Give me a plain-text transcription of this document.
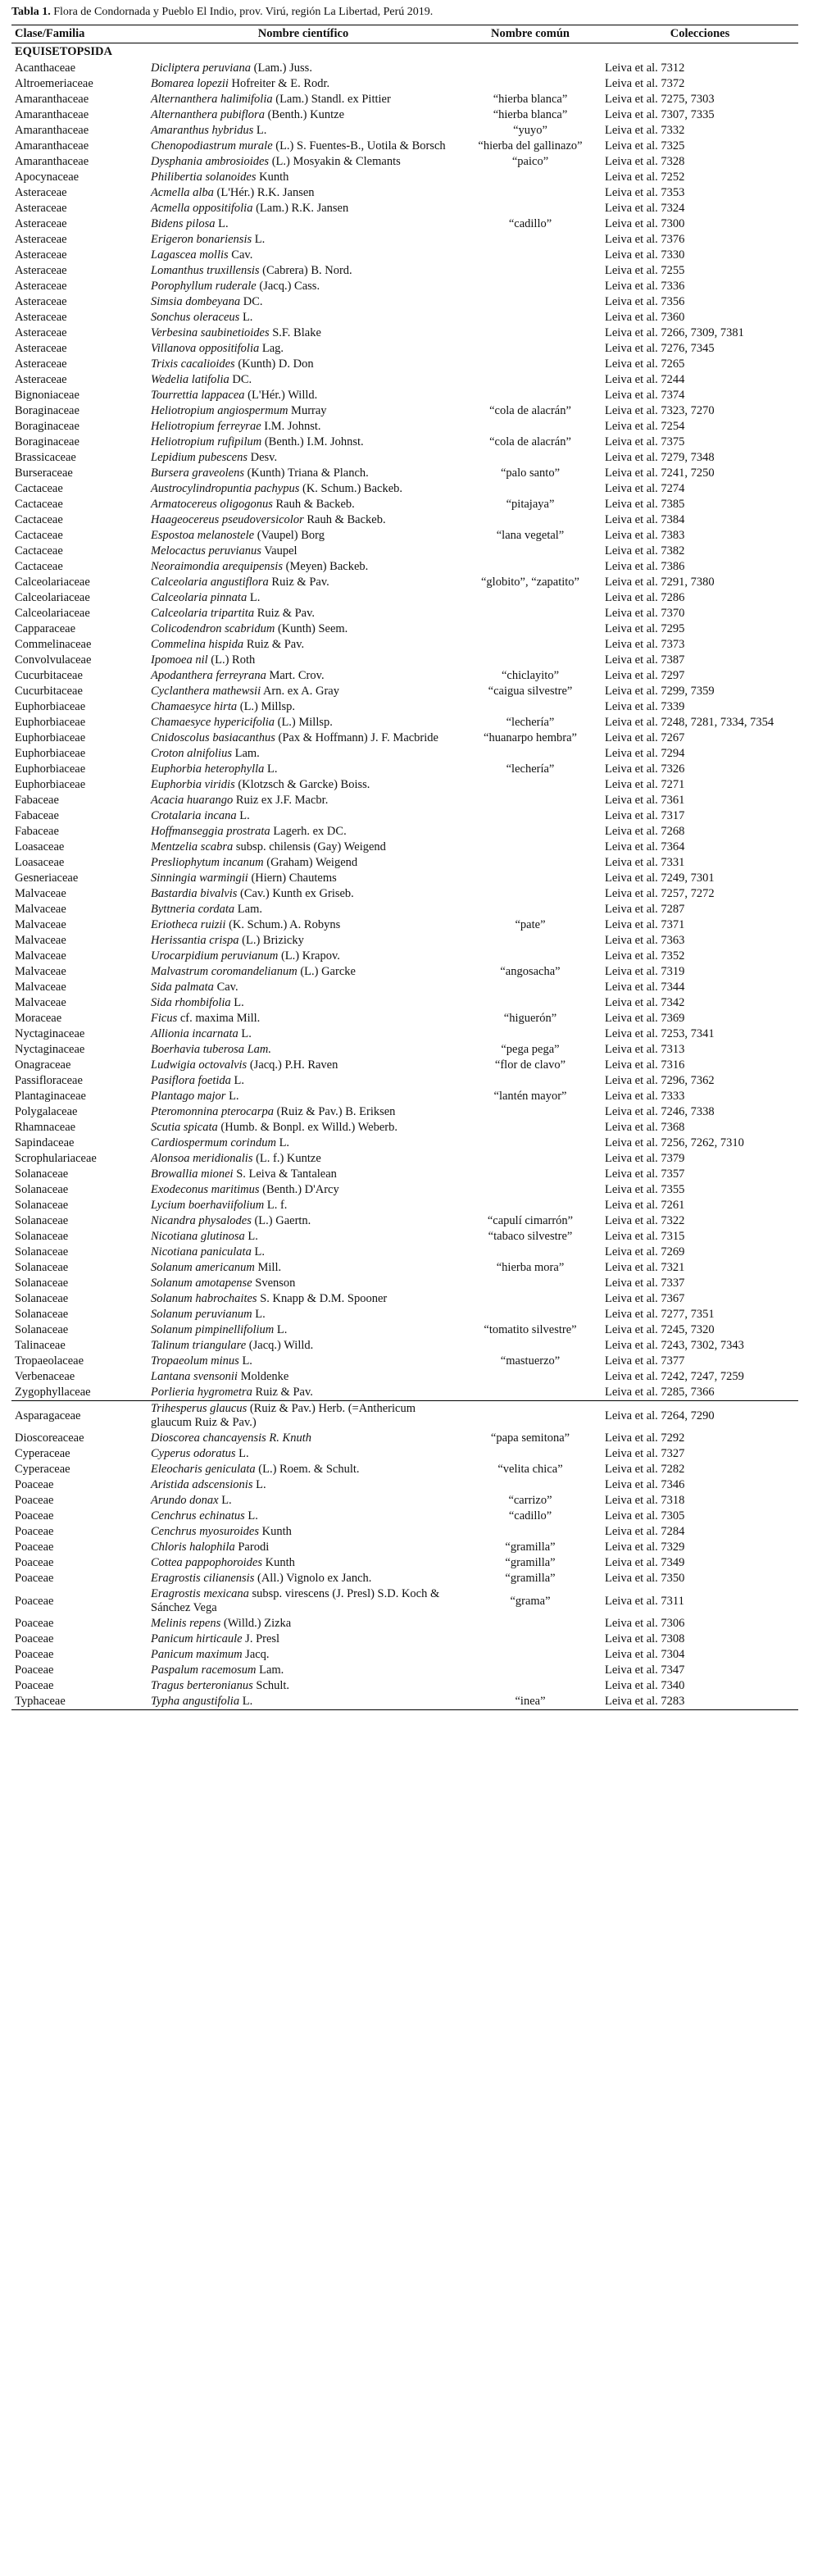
Tabla 1. Flora de Condornada y Pueblo El Indio, prov. Virú, región La Libertad, Perú 2019.

Clase/Familia	Nombre científico	Nombre común	Colecciones
EQUISETOPSIDA			
Acanthaceae	Dicliptera peruviana (Lam.) Juss.		Leiva et al. 7312
Altroemeriaceae	Bomarea lopezii Hofreiter & E. Rodr.		Leiva et al. 7372
Amaranthaceae	Alternanthera halimifolia (Lam.) Standl. ex Pittier	“hierba blanca”	Leiva et al. 7275, 7303
Amaranthaceae	Alternanthera pubiflora (Benth.) Kuntze	“hierba blanca”	Leiva et al. 7307, 7335
Amaranthaceae	Amaranthus hybridus L.	“yuyo”	Leiva et al. 7332
Amaranthaceae	Chenopodiastrum murale (L.) S. Fuentes-B., Uotila & Borsch	“hierba del gallinazo”	Leiva et al. 7325
Amaranthaceae	Dysphania ambrosioides (L.) Mosyakin & Clemants	“paico”	Leiva et al. 7328
Apocynaceae	Philibertia solanoides Kunth		Leiva et al. 7252
Asteraceae	Acmella alba (L'Hér.) R.K. Jansen		Leiva et al. 7353
Asteraceae	Acmella oppositifolia (Lam.) R.K. Jansen		Leiva et al. 7324
Asteraceae	Bidens pilosa L.	“cadillo”	Leiva et al. 7300
Asteraceae	Erigeron bonariensis L.		Leiva et al. 7376
Asteraceae	Lagascea mollis Cav.		Leiva et al. 7330
Asteraceae	Lomanthus truxillensis (Cabrera) B. Nord.		Leiva et al. 7255
Asteraceae	Porophyllum ruderale (Jacq.) Cass.		Leiva et al. 7336
Asteraceae	Simsia dombeyana DC.		Leiva et al. 7356
Asteraceae	Sonchus oleraceus L.		Leiva et al. 7360
Asteraceae	Verbesina saubinetioides S.F. Blake		Leiva et al. 7266, 7309, 7381
Asteraceae	Villanova oppositifolia Lag.		Leiva et al. 7276, 7345
Asteraceae	Trixis cacalioides (Kunth) D. Don		Leiva et al. 7265
Asteraceae	Wedelia latifolia DC.		Leiva et al. 7244
Bignoniaceae	Tourrettia lappacea (L'Hér.) Willd.		Leiva et al. 7374
Boraginaceae	Heliotropium angiospermum Murray	“cola de alacrán”	Leiva et al. 7323, 7270
Boraginaceae	Heliotropium ferreyrae I.M. Johnst.		Leiva et al. 7254
Boraginaceae	Heliotropium rufipilum (Benth.) I.M. Johnst.	“cola de alacrán”	Leiva et al. 7375
Brassicaceae	Lepidium pubescens Desv.		Leiva et al. 7279, 7348
Burseraceae	Bursera graveolens (Kunth) Triana & Planch.	“palo santo”	Leiva et al. 7241, 7250
Cactaceae	Austrocylindropuntia pachypus (K. Schum.) Backeb.		Leiva et al. 7274
Cactaceae	Armatocereus oligogonus Rauh & Backeb.	“pitajaya”	Leiva et al. 7385
Cactaceae	Haageocereus pseudoversicolor Rauh & Backeb.		Leiva et al. 7384
Cactaceae	Espostoa melanostele (Vaupel) Borg	“lana vegetal”	Leiva et al. 7383
Cactaceae	Melocactus peruvianus Vaupel		Leiva et al. 7382
Cactaceae	Neoraimondia arequipensis (Meyen) Backeb.		Leiva et al. 7386
Calceolariaceae	Calceolaria angustiflora Ruiz & Pav.	“globito”, “zapatito”	Leiva et al. 7291, 7380
Calceolariaceae	Calceolaria pinnata L.		Leiva et al. 7286
Calceolariaceae	Calceolaria tripartita Ruiz & Pav.		Leiva et al. 7370
Capparaceae	Colicodendron scabridum (Kunth) Seem.		Leiva et al. 7295
Commelinaceae	Commelina hispida Ruiz & Pav.		Leiva et al. 7373
Convolvulaceae	Ipomoea nil (L.) Roth		Leiva et al. 7387
Cucurbitaceae	Apodanthera ferreyrana Mart. Crov.	“chiclayito”	Leiva et al. 7297
Cucurbitaceae	Cyclanthera mathewsii Arn. ex A. Gray	“caigua silvestre”	Leiva et al. 7299, 7359
Euphorbiaceae	Chamaesyce hirta (L.) Millsp.		Leiva et al. 7339
Euphorbiaceae	Chamaesyce hypericifolia (L.) Millsp.	“lechería”	Leiva et al. 7248, 7281, 7334, 7354
Euphorbiaceae	Cnidoscolus basiacanthus (Pax & Hoffmann) J. F. Macbride	“huanarpo hembra”	Leiva et al. 7267
Euphorbiaceae	Croton alnifolius Lam.		Leiva et al. 7294
Euphorbiaceae	Euphorbia heterophylla L.	“lechería”	Leiva et al. 7326
Euphorbiaceae	Euphorbia viridis (Klotzsch & Garcke) Boiss.		Leiva et al. 7271
Fabaceae	Acacia huarango Ruiz ex J.F. Macbr.		Leiva et al. 7361
Fabaceae	Crotalaria incana L.		Leiva et al. 7317
Fabaceae	Hoffmanseggia prostrata Lagerh. ex DC.		Leiva et al. 7268
Loasaceae	Mentzelia scabra subsp. chilensis (Gay) Weigend		Leiva et al. 7364
Loasaceae	Presliophytum incanum (Graham) Weigend		Leiva et al. 7331
Gesneriaceae	Sinningia warmingii (Hiern) Chautems		Leiva et al. 7249, 7301
Malvaceae	Bastardia bivalvis (Cav.) Kunth ex Griseb.		Leiva et al. 7257, 7272
Malvaceae	Byttneria cordata Lam.		Leiva et al. 7287
Malvaceae	Eriotheca ruizii (K. Schum.) A. Robyns	“pate”	Leiva et al. 7371
Malvaceae	Herissantia crispa (L.) Brizicky		Leiva et al. 7363
Malvaceae	Urocarpidium peruvianum (L.) Krapov.		Leiva et al. 7352
Malvaceae	Malvastrum coromandelianum (L.) Garcke	“angosacha”	Leiva et al. 7319
Malvaceae	Sida palmata Cav.		Leiva et al. 7344
Malvaceae	Sida rhombifolia L.		Leiva et al. 7342
Moraceae	Ficus cf. maxima Mill.	“higuerón”	Leiva et al. 7369
Nyctaginaceae	Allionia incarnata L.		Leiva et al. 7253, 7341
Nyctaginaceae	Boerhavia tuberosa Lam.	“pega pega”	Leiva et al. 7313
Onagraceae	Ludwigia octovalvis (Jacq.) P.H. Raven	“flor de clavo”	Leiva et al. 7316
Passifloraceae	Pasiflora foetida L.		Leiva et al. 7296, 7362
Plantaginaceae	Plantago major L.	“lantén mayor”	Leiva et al. 7333
Polygalaceae	Pteromonnina pterocarpa (Ruiz & Pav.) B. Eriksen		Leiva et al. 7246, 7338
Rhamnaceae	Scutia spicata (Humb. & Bonpl. ex Willd.) Weberb.		Leiva et al. 7368
Sapindaceae	Cardiospermum corindum L.		Leiva et al. 7256, 7262, 7310
Scrophulariaceae	Alonsoa meridionalis (L. f.) Kuntze		Leiva et al. 7379
Solanaceae	Browallia mionei S. Leiva & Tantalean		Leiva et al. 7357
Solanaceae	Exodeconus maritimus (Benth.) D'Arcy		Leiva et al. 7355
Solanaceae	Lycium boerhaviifolium L. f.		Leiva et al. 7261
Solanaceae	Nicandra physalodes (L.) Gaertn.	“capulí cimarrón”	Leiva et al. 7322
Solanaceae	Nicotiana glutinosa L.	“tabaco silvestre”	Leiva et al. 7315
Solanaceae	Nicotiana paniculata L.		Leiva et al. 7269
Solanaceae	Solanum americanum Mill.	“hierba mora”	Leiva et al. 7321
Solanaceae	Solanum amotapense Svenson		Leiva et al. 7337
Solanaceae	Solanum habrochaites S. Knapp & D.M. Spooner		Leiva et al. 7367
Solanaceae	Solanum peruvianum L.		Leiva et al. 7277, 7351
Solanaceae	Solanum pimpinellifolium L.	“tomatito silvestre”	Leiva et al. 7245, 7320
Talinaceae	Talinum triangulare (Jacq.) Willd.		Leiva et al. 7243, 7302, 7343
Tropaeolaceae	Tropaeolum minus L.	“mastuerzo”	Leiva et al. 7377
Verbenaceae	Lantana svensonii Moldenke		Leiva et al. 7242, 7247, 7259
Zygophyllaceae	Porlieria hygrometra Ruiz & Pav.		Leiva et al. 7285, 7366
Asparagaceae	Trihesperus glaucus (Ruiz & Pav.) Herb. (=Anthericum glaucum Ruiz & Pav.)		Leiva et al. 7264, 7290
Dioscoreaceae	Dioscorea chancayensis R. Knuth	“papa semitona”	Leiva et al. 7292
Cyperaceae	Cyperus odoratus L.		Leiva et al. 7327
Cyperaceae	Eleocharis geniculata (L.) Roem. & Schult.	“velita chica”	Leiva et al. 7282
Poaceae	Aristida adscensionis L.		Leiva et al. 7346
Poaceae	Arundo donax L.	“carrizo”	Leiva et al. 7318
Poaceae	Cenchrus echinatus L.	“cadillo”	Leiva et al. 7305
Poaceae	Cenchrus myosuroides Kunth		Leiva et al. 7284
Poaceae	Chloris halophila Parodi	“gramilla”	Leiva et al. 7329
Poaceae	Cottea pappophoroides Kunth	“gramilla”	Leiva et al. 7349
Poaceae	Eragrostis cilianensis (All.) Vignolo ex Janch.	“gramilla”	Leiva et al. 7350
Poaceae	Eragrostis mexicana subsp. virescens (J. Presl) S.D. Koch & Sánchez Vega	“grama”	Leiva et al. 7311
Poaceae	Melinis repens (Willd.) Zizka		Leiva et al. 7306
Poaceae	Panicum hirticaule J. Presl		Leiva et al. 7308
Poaceae	Panicum maximum Jacq.		Leiva et al. 7304
Poaceae	Paspalum racemosum Lam.		Leiva et al. 7347
Poaceae	Tragus berteronianus Schult.		Leiva et al. 7340
Typhaceae	Typha angustifolia L.	“inea”	Leiva et al. 7283
